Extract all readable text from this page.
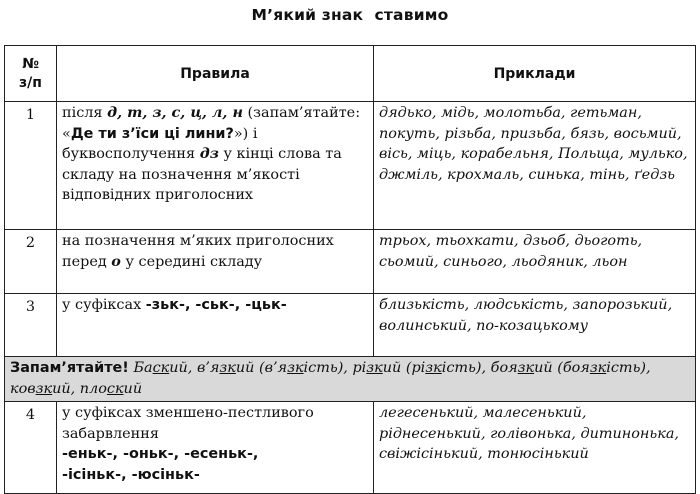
М’який знак  ставимо
№
з/п	Правила	Приклади
1	після д, т, з, с, ц, л, н (запам’ятайте: «Де ти з’їси ці лини?») і буквосполучення дз у кінці слова та складу на позначення м’якості відповідних приголосних	дядько, мідь, молотьба, гетьман, покуть, різьба, призьба, бязь, восьмий, вісь, міць, корабельня, Польща, мулько, джміль, крохмаль, синька, тінь, ґедзь
2	на позначення м’яких приголосних перед о у середині складу	трьох, тьохкати, дзьоб, дьоготь, сьомий, синього, льодяник, льон
3	у суфіксах -зьк-, -ськ-, -цьк-	близькість, людськість, запорозький, волинський, по-козацькому
Запам’ятайте! Баский, в’язкий (в’язкість), різкий (різкість), боязкий (боязкість), ковзкий, плоский		
4	у суфіксах зменшено-пестливого забарвлення
-еньк-, -оньк-, -есеньк-,
-ісіньк-, -юсіньк-	легесенький, малесенький, ріднесенький, голівонька, дитинонька, свіжісінький, тонюсінький
